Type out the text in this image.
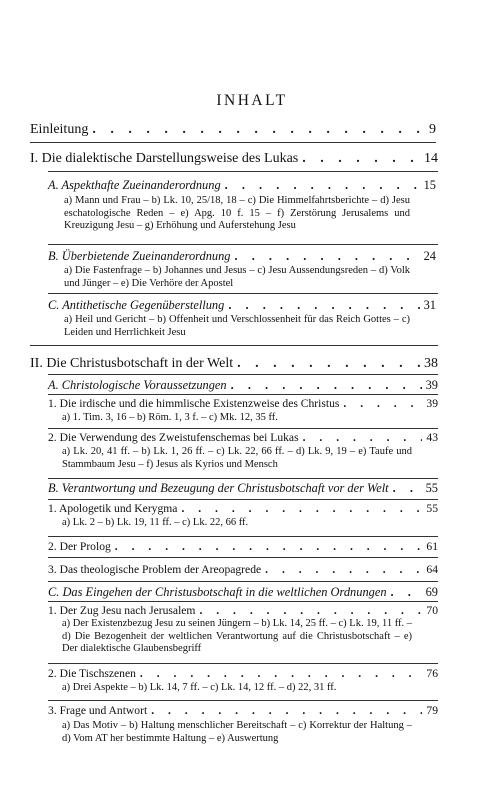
INHALT
Einleitung . . .	9
I. Die dialektische Darstellungsweise des Lukas . . .	14
A. Aspekthafte Zueinanderordnung . . .	15
a) Mann und Frau – b) Lk. 10, 25/18, 18 – c) Die Himmelfahrtsberichte – d) Jesu eschatologische Reden – e) Apg. 10 f. 15 – f) Zerstörung Jerusalems und Kreuzigung Jesu – g) Erhöhung und Auferstehung Jesu
B. Überbietende Zueinanderordnung . . .	24
a) Die Fastenfrage – b) Johannes und Jesus – c) Jesu Aussendungsreden – d) Volk und Jünger – e) Die Verhöre der Apostel
C. Antithetische Gegenüberstellung . . .	31
a) Heil und Gericht – b) Offenheit und Verschlossenheit für das Reich Gottes – c) Leiden und Herrlichkeit Jesu
II. Die Christusbotschaft in der Welt . . .	38
A. Christologische Voraussetzungen . . .	39
1. Die irdische und die himmlische Existenzweise des Christus . . .	39
a) 1. Tim. 3, 16 – b) Röm. 1, 3 f. – c) Mk. 12, 35 ff.
2. Die Verwendung des Zweistufenschemas bei Lukas . . .	43
a) Lk. 20, 41 ff. – b) Lk. 1, 26 ff. – c) Lk. 22, 66 ff. – d) Lk. 9, 19 – e) Taufe und Stammbaum Jesu – f) Jesus als Kyrios und Mensch
B. Verantwortung und Bezeugung der Christusbotschaft vor der Welt . . .	55
1. Apologetik und Kerygma . . .	55
a) Lk. 2 – b) Lk. 19, 11 ff. – c) Lk. 22, 66 ff.
2. Der Prolog . . .	61
3. Das theologische Problem der Areopagrede . . .	64
C. Das Eingehen der Christusbotschaft in die weltlichen Ordnungen . . .	69
1. Der Zug Jesu nach Jerusalem . . .	70
a) Der Existenzbezug Jesu zu seinen Jüngern – b) Lk. 14, 25 ff. – c) Lk. 19, 11 ff. – d) Die Bezogenheit der weltlichen Verantwortung auf die Christusbotschaft – e) Der dialektische Glaubensbegriff
2. Die Tischszenen . . .	76
a) Drei Aspekte – b) Lk. 14, 7 ff. – c) Lk. 14, 12 ff. – d) 22, 31 ff.
3. Frage und Antwort . . .	79
a) Das Motiv – b) Haltung menschlicher Bereitschaft – c) Korrektur der Haltung – d) Vom AT her bestimmte Haltung – e) Auswertung
